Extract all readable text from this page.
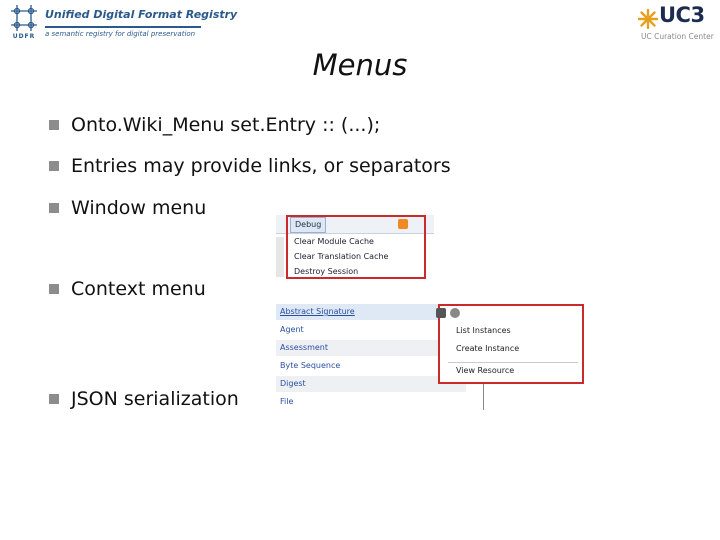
UDFR
Unified Digital Format Registry
a semantic registry for digital preservation
UC3
UC Curation Center
Menus
Onto.Wiki_Menu set.Entry :: (...);
Entries may provide links, or separators
Window menu
Context menu
JSON serialization
Debug
Clear Module Cache
Clear Translation Cache
Destroy Session
Abstract Signature
Agent
Assessment
Byte Sequence
Digest
File
List Instances
Create Instance
View Resource
